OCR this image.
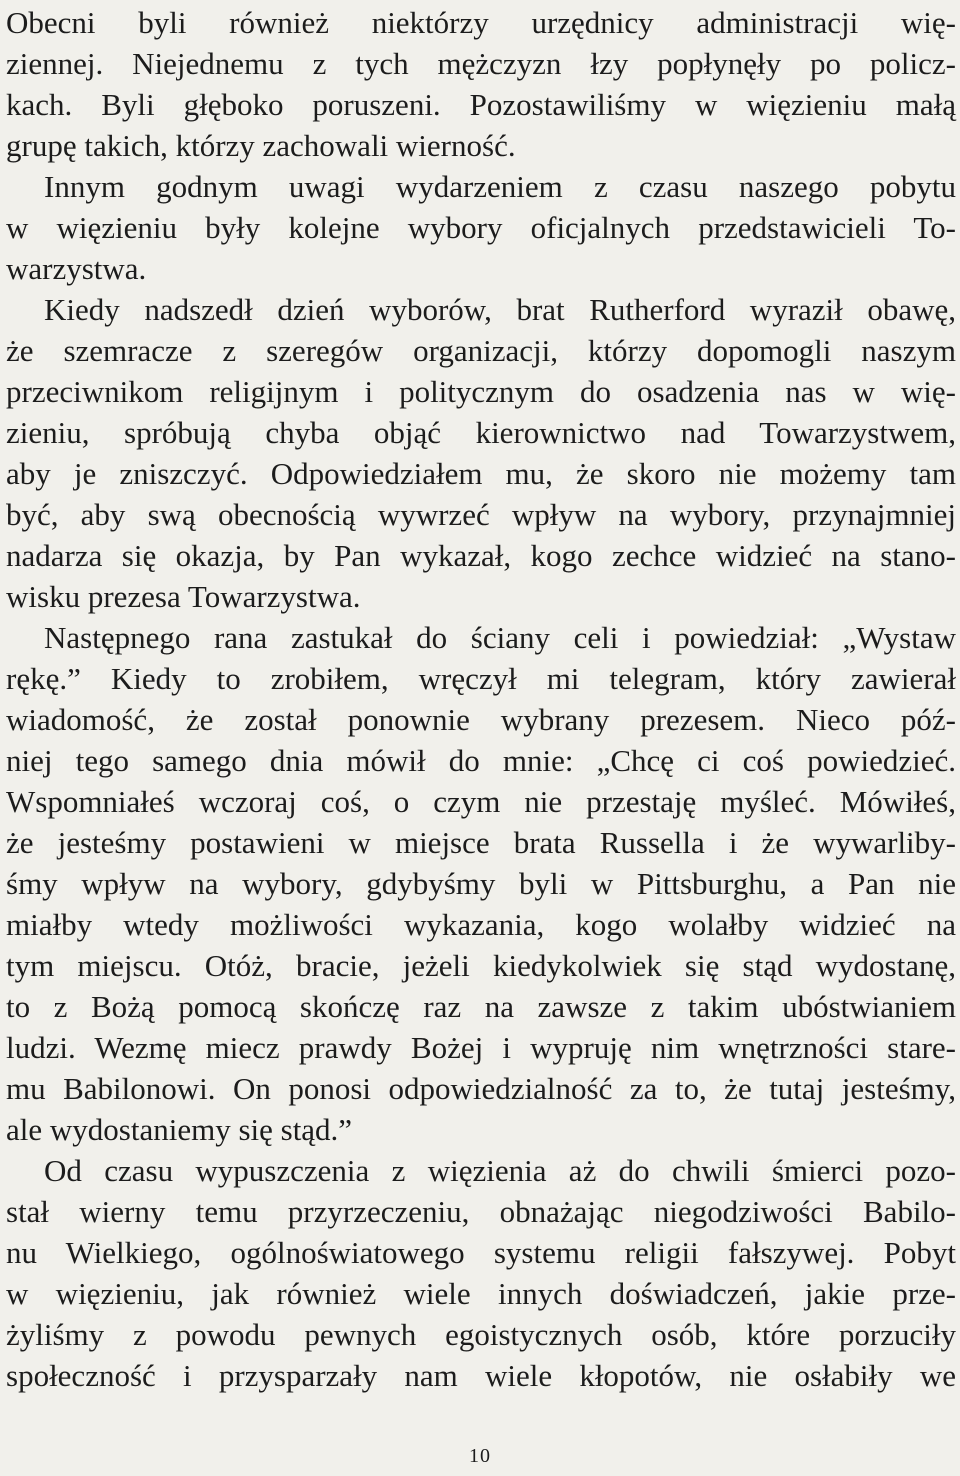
Obecni byli również niektórzy urzędnicy administracji wię-
ziennej. Niejednemu z tych mężczyzn łzy popłynęły po policz-
kach. Byli głęboko poruszeni. Pozostawiliśmy w więzieniu małą
grupę takich, którzy zachowali wierność.
Innym godnym uwagi wydarzeniem z czasu naszego pobytu
w więzieniu były kolejne wybory oficjalnych przedstawicieli To-
warzystwa.
Kiedy nadszedł dzień wyborów, brat Rutherford wyraził obawę,
że szemracze z szeregów organizacji, którzy dopomogli naszym
przeciwnikom religijnym i politycznym do osadzenia nas w wię-
zieniu, spróbują chyba objąć kierownictwo nad Towarzystwem,
aby je zniszczyć. Odpowiedziałem mu, że skoro nie możemy tam
być, aby swą obecnością wywrzeć wpływ na wybory, przynajmniej
nadarza się okazja, by Pan wykazał, kogo zechce widzieć na stano-
wisku prezesa Towarzystwa.
Następnego rana zastukał do ściany celi i powiedział: „Wystaw
rękę.” Kiedy to zrobiłem, wręczył mi telegram, który zawierał
wiadomość, że został ponownie wybrany prezesem. Nieco póź-
niej tego samego dnia mówił do mnie: „Chcę ci coś powiedzieć.
Wspomniałeś wczoraj coś, o czym nie przestaję myśleć. Mówiłeś,
że jesteśmy postawieni w miejsce brata Russella i że wywarliby-
śmy wpływ na wybory, gdybyśmy byli w Pittsburghu, a Pan nie
miałby wtedy możliwości wykazania, kogo wolałby widzieć na
tym miejscu. Otóż, bracie, jeżeli kiedykolwiek się stąd wydostanę,
to z Bożą pomocą skończę raz na zawsze z takim ubóstwianiem
ludzi. Wezmę miecz prawdy Bożej i wypruję nim wnętrzności stare-
mu Babilonowi. On ponosi odpowiedzialność za to, że tutaj jesteśmy,
ale wydostaniemy się stąd.”
Od czasu wypuszczenia z więzienia aż do chwili śmierci pozo-
stał wierny temu przyrzeczeniu, obnażając niegodziwości Babilo-
nu Wielkiego, ogólnoświatowego systemu religii fałszywej. Pobyt
w więzieniu, jak również wiele innych doświadczeń, jakie prze-
żyliśmy z powodu pewnych egoistycznych osób, które porzuciły
społeczność i przysparzały nam wiele kłopotów, nie osłabiły we
10
